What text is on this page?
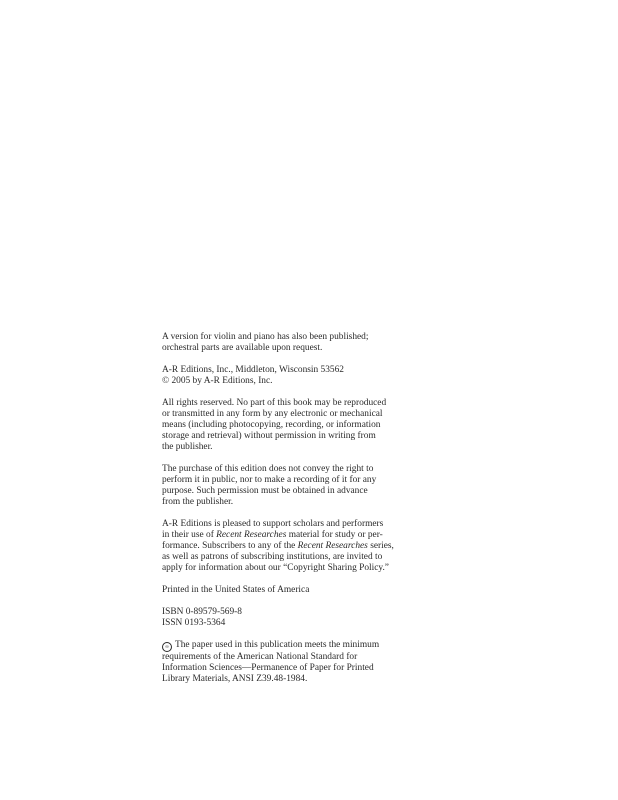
A version for violin and piano has also been published;
orchestral parts are available upon request.
A-R Editions, Inc., Middleton, Wisconsin 53562
© 2005 by A-R Editions, Inc.
All rights reserved. No part of this book may be reproduced
or transmitted in any form by any electronic or mechanical
means (including photocopying, recording, or information
storage and retrieval) without permission in writing from
the publisher.
The purchase of this edition does not convey the right to
perform it in public, nor to make a recording of it for any
purpose. Such permission must be obtained in advance
from the publisher.
A-R Editions is pleased to support scholars and performers
in their use of Recent Researches material for study or per-
formance. Subscribers to any of the Recent Researches series,
as well as patrons of subscribing institutions, are invited to
apply for information about our “Copyright Sharing Policy.”
Printed in the United States of America
ISBN 0-89579-569-8
ISSN 0193-5364
∞ The paper used in this publication meets the minimum
requirements of the American National Standard for
Information Sciences—Permanence of Paper for Printed
Library Materials, ANSI Z39.48-1984.
